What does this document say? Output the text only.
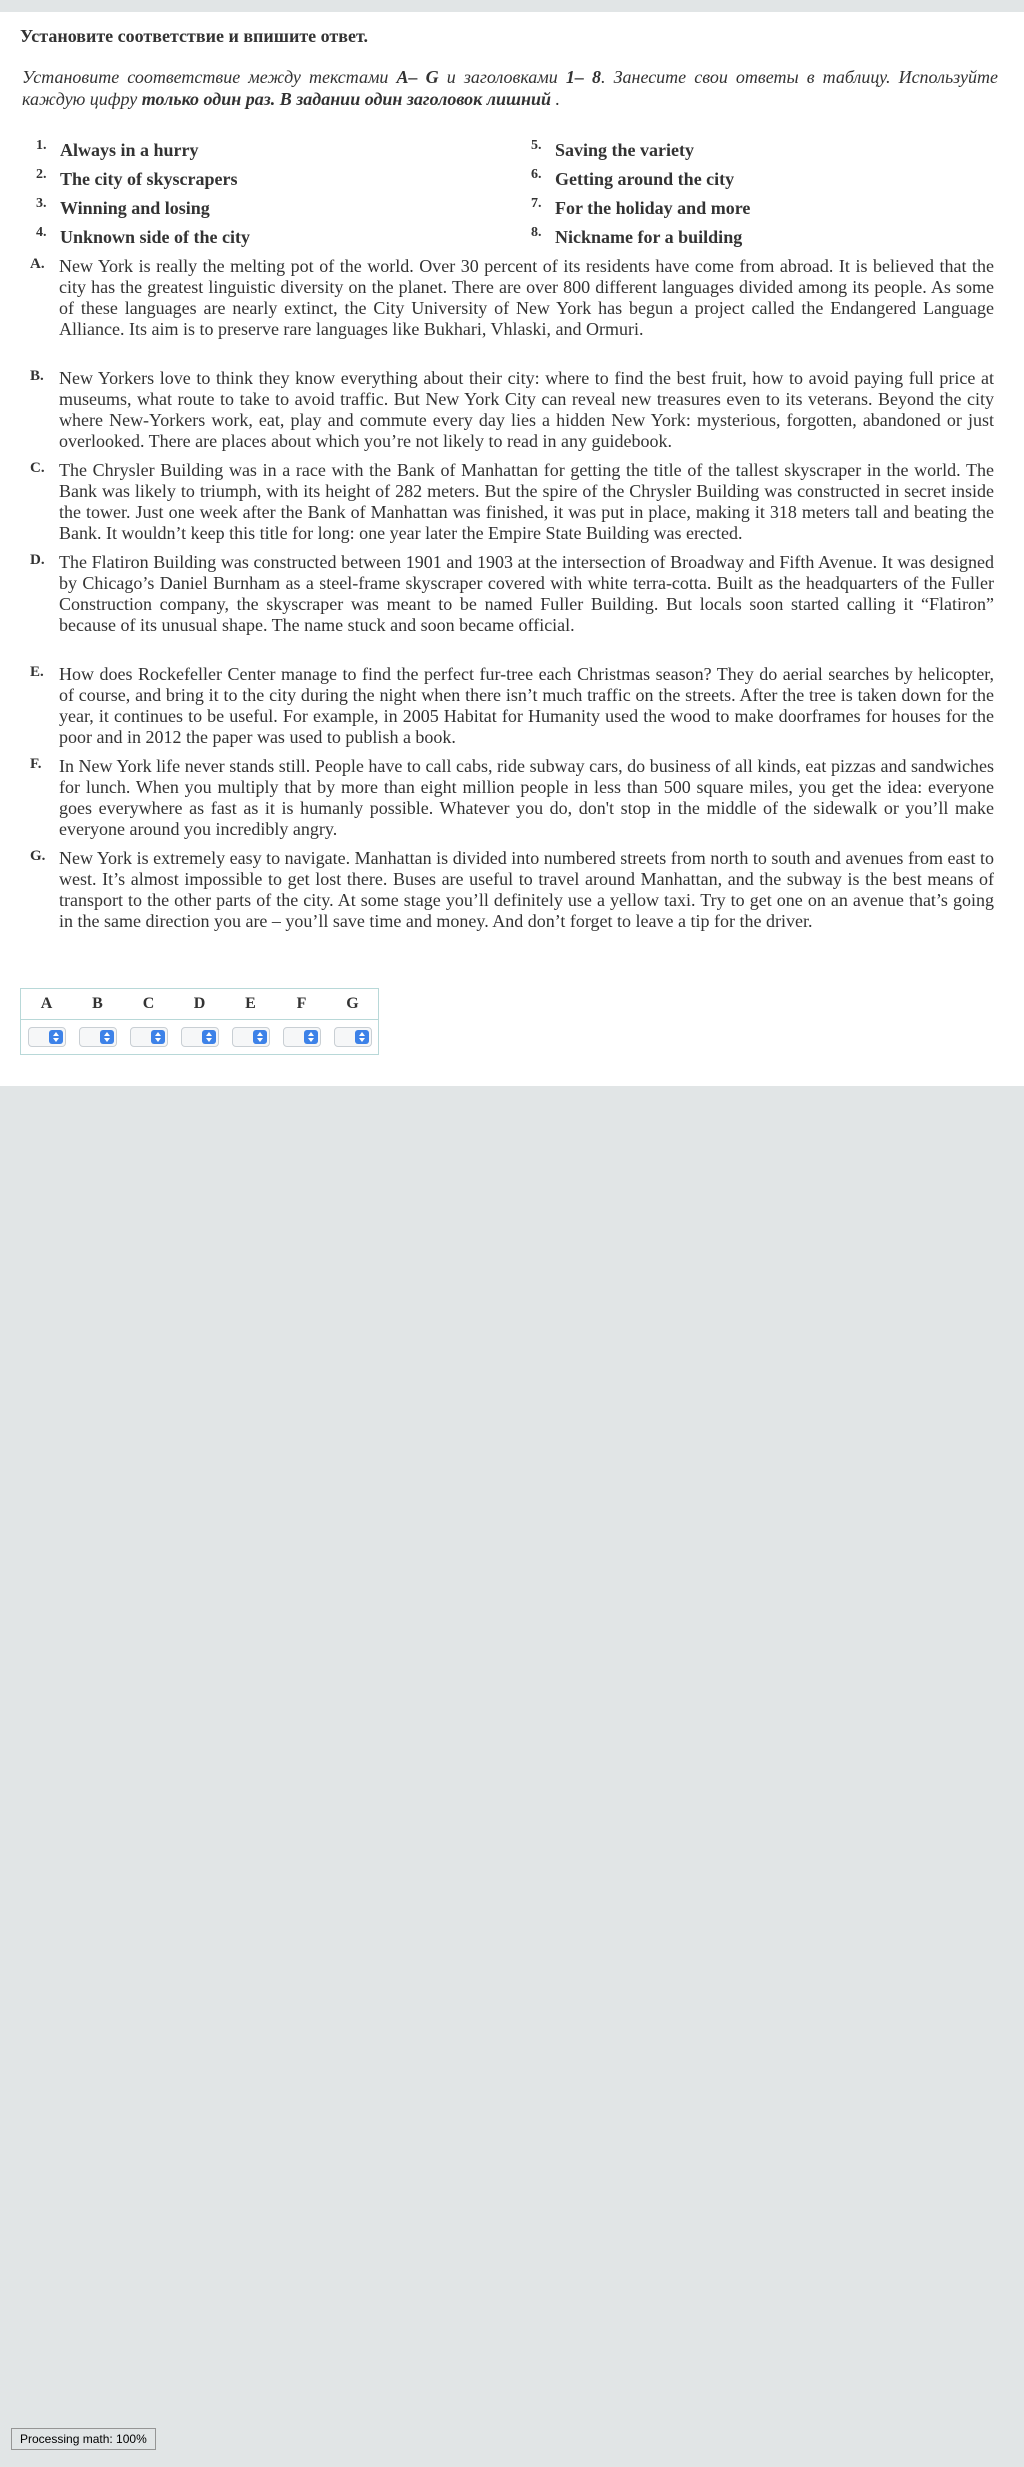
Установите соответствие и впишите ответ.
Установите соответствие между текстами A– G и заголовками 1– 8. Занесите свои ответы в таблицу. Используйте каждую цифру только один раз. В задании один заголовок лишний .
1. Always in a hurry
2. The city of skyscrapers
3. Winning and losing
4. Unknown side of the city
5. Saving the variety
6. Getting around the city
7. For the holiday and more
8. Nickname for a building
A. New York is really the melting pot of the world. Over 30 percent of its residents have come from abroad. It is believed that the city has the greatest linguistic diversity on the planet. There are over 800 different languages divided among its people. As some of these languages are nearly extinct, the City University of New York has begun a project called the Endangered Language Alliance. Its aim is to preserve rare languages like Bukhari, Vhlaski, and Ormuri.
B. New Yorkers love to think they know everything about their city: where to find the best fruit, how to avoid paying full price at museums, what route to take to avoid traffic. But New York City can reveal new treasures even to its veterans. Beyond the city where New-Yorkers work, eat, play and commute every day lies a hidden New York: mysterious, forgotten, abandoned or just overlooked. There are places about which you’re not likely to read in any guidebook.
C. The Chrysler Building was in a race with the Bank of Manhattan for getting the title of the tallest skyscraper in the world. The Bank was likely to triumph, with its height of 282 meters. But the spire of the Chrysler Building was constructed in secret inside the tower. Just one week after the Bank of Manhattan was finished, it was put in place, making it 318 meters tall and beating the Bank. It wouldn’t keep this title for long: one year later the Empire State Building was erected.
D. The Flatiron Building was constructed between 1901 and 1903 at the intersection of Broadway and Fifth Avenue. It was designed by Chicago’s Daniel Burnham as a steel-frame skyscraper covered with white terra-cotta. Built as the headquarters of the Fuller Construction company, the skyscraper was meant to be named Fuller Building. But locals soon started calling it “Flatiron” because of its unusual shape. The name stuck and soon became official.
E. How does Rockefeller Center manage to find the perfect fur-tree each Christmas season? They do aerial searches by helicopter, of course, and bring it to the city during the night when there isn’t much traffic on the streets. After the tree is taken down for the year, it continues to be useful. For example, in 2005 Habitat for Humanity used the wood to make doorframes for houses for the poor and in 2012 the paper was used to publish a book.
F. In New York life never stands still. People have to call cabs, ride subway cars, do business of all kinds, eat pizzas and sandwiches for lunch. When you multiply that by more than eight million people in less than 500 square miles, you get the idea: everyone goes everywhere as fast as it is humanly possible. Whatever you do, don't stop in the middle of the sidewalk or you’ll make everyone around you incredibly angry.
G. New York is extremely easy to navigate. Manhattan is divided into numbered streets from north to south and avenues from east to west. It’s almost impossible to get lost there. Buses are useful to travel around Manhattan, and the subway is the best means of transport to the other parts of the city. At some stage you’ll definitely use a yellow taxi. Try to get one on an avenue that’s going in the same direction you are – you’ll save time and money. And don’t forget to leave a tip for the driver.
A	B	C	D	E	F	G

Processing math: 100%
